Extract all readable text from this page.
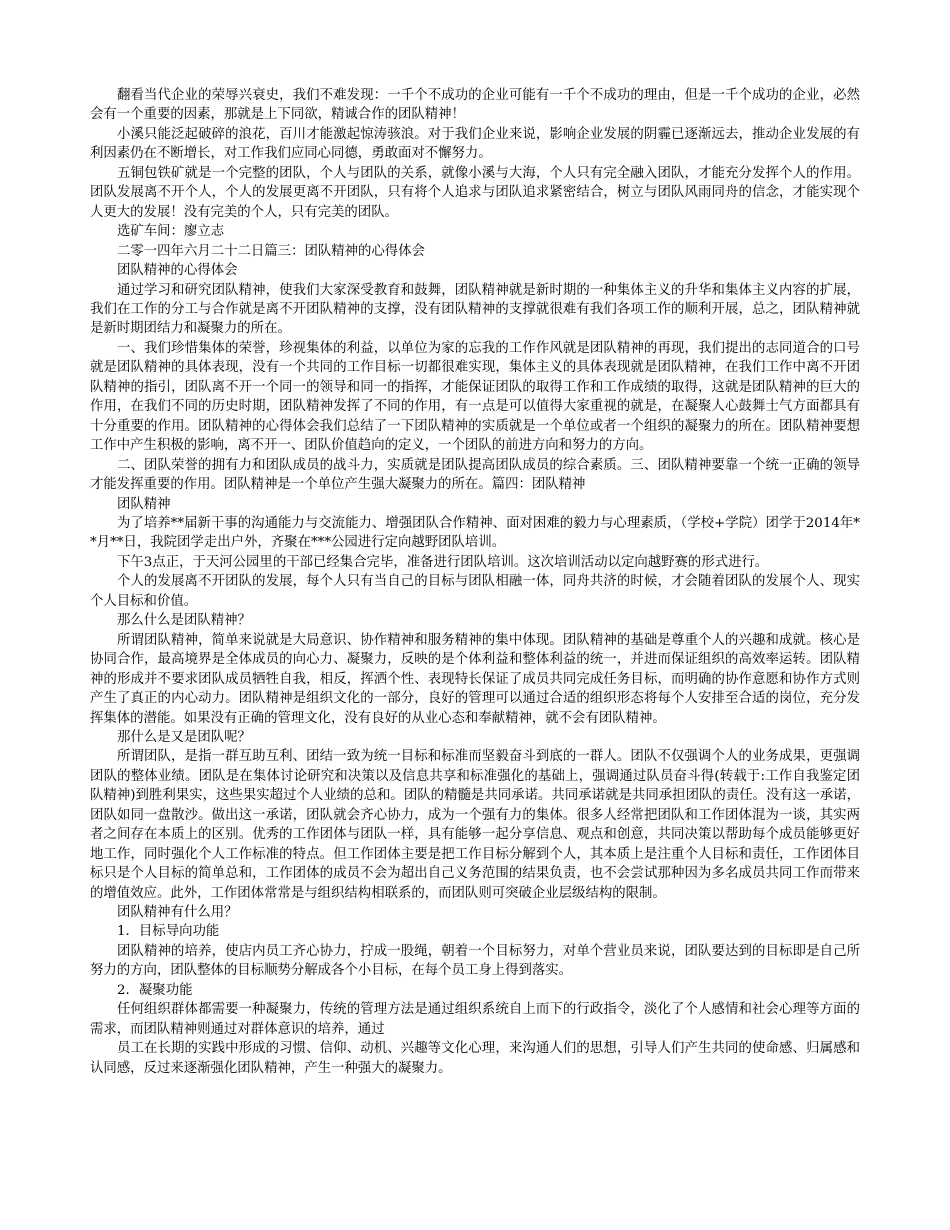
翻看当代企业的荣辱兴衰史，我们不难发现：一千个不成功的企业可能有一千个不成功的理由，但是一千个成功的企业，必然会有一个重要的因素，那就是上下同欲，精诚合作的团队精神！

小溪只能泛起破碎的浪花，百川才能激起惊涛骇浪。对于我们企业来说，影响企业发展的阴霾已逐渐远去，推动企业发展的有利因素仍在不断增长，对工作我们应同心同德，勇敢面对不懈努力。

五铜包铁矿就是一个完整的团队，个人与团队的关系，就像小溪与大海，个人只有完全融入团队，才能充分发挥个人的作用。团队发展离不开个人，个人的发展更离不开团队，只有将个人追求与团队追求紧密结合，树立与团队风雨同舟的信念，才能实现个人更大的发展！没有完美的个人，只有完美的团队。

选矿车间：廖立志

二零一四年六月二十二日篇三：团队精神的心得体会

团队精神的心得体会

通过学习和研究团队精神，使我们大家深受教育和鼓舞，团队精神就是新时期的一种集体主义的升华和集体主义内容的扩展，我们在工作的分工与合作就是离不开团队精神的支撑，没有团队精神的支撑就很难有我们各项工作的顺利开展，总之，团队精神就是新时期团结力和凝聚力的所在。

一、我们珍惜集体的荣誉，珍视集体的利益，以单位为家的忘我的工作作风就是团队精神的再现，我们提出的志同道合的口号就是团队精神的具体表现，没有一个共同的工作目标一切都很难实现，集体主义的具体表现就是团队精神，在我们工作中离不开团队精神的指引，团队离不开一个同一的领导和同一的指挥，才能保证团队的取得工作和工作成绩的取得，这就是团队精神的巨大的作用，在我们不同的历史时期，团队精神发挥了不同的作用，有一点是可以值得大家重视的就是，在凝聚人心鼓舞士气方面都具有十分重要的作用。团队精神的心得体会我们总结了一下团队精神的实质就是一个单位或者一个组织的凝聚力的所在。团队精神要想工作中产生积极的影响，离不开一、团队价值趋向的定义，一个团队的前进方向和努力的方向。

二、团队荣誉的拥有力和团队成员的战斗力，实质就是团队提高团队成员的综合素质。三、团队精神要靠一个统一正确的领导才能发挥重要的作用。团队精神是一个单位产生强大凝聚力的所在。篇四：团队精神

团队精神

为了培养**届新干事的沟通能力与交流能力、增强团队合作精神、面对困难的毅力与心理素质，（学校+学院）团学于2014年**月**日，我院团学走出户外，齐聚在***公园进行定向越野团队培训。

下午3点正，于天河公园里的干部已经集合完毕，准备进行团队培训。这次培训活动以定向越野赛的形式进行。

个人的发展离不开团队的发展，每个人只有当自己的目标与团队相融一体，同舟共济的时候，才会随着团队的发展个人、现实个人目标和价值。

那么什么是团队精神？

所谓团队精神，简单来说就是大局意识、协作精神和服务精神的集中体现。团队精神的基础是尊重个人的兴趣和成就。核心是协同合作，最高境界是全体成员的向心力、凝聚力，反映的是个体利益和整体利益的统一，并进而保证组织的高效率运转。团队精神的形成并不要求团队成员牺牲自我，相反，挥洒个性、表现特长保证了成员共同完成任务目标，而明确的协作意愿和协作方式则产生了真正的内心动力。团队精神是组织文化的一部分，良好的管理可以通过合适的组织形态将每个人安排至合适的岗位，充分发挥集体的潜能。如果没有正确的管理文化，没有良好的从业心态和奉献精神，就不会有团队精神。

那什么是又是团队呢？

所谓团队，是指一群互助互利、团结一致为统一目标和标准而坚毅奋斗到底的一群人。团队不仅强调个人的业务成果，更强调团队的整体业绩。团队是在集体讨论研究和决策以及信息共享和标准强化的基础上，强调通过队员奋斗得(转载于:工作自我鉴定团队精神)到胜利果实，这些果实超过个人业绩的总和。团队的精髓是共同承诺。共同承诺就是共同承担团队的责任。没有这一承诺，团队如同一盘散沙。做出这一承诺，团队就会齐心协力，成为一个强有力的集体。很多人经常把团队和工作团体混为一谈，其实两者之间存在本质上的区别。优秀的工作团体与团队一样，具有能够一起分享信息、观点和创意，共同决策以帮助每个成员能够更好地工作，同时强化个人工作标准的特点。但工作团体主要是把工作目标分解到个人，其本质上是注重个人目标和责任，工作团体目标只是个人目标的简单总和，工作团体的成员不会为超出自己义务范围的结果负责，也不会尝试那种因为多名成员共同工作而带来的增值效应。此外，工作团体常常是与组织结构相联系的，而团队则可突破企业层级结构的限制。

团队精神有什么用？

1．目标导向功能

团队精神的培养，使店内员工齐心协力，拧成一股绳，朝着一个目标努力，对单个营业员来说，团队要达到的目标即是自己所努力的方向，团队整体的目标顺势分解成各个小目标，在每个员工身上得到落实。

2．凝聚功能

任何组织群体都需要一种凝聚力，传统的管理方法是通过组织系统自上而下的行政指令，淡化了个人感情和社会心理等方面的需求，而团队精神则通过对群体意识的培养，通过

员工在长期的实践中形成的习惯、信仰、动机、兴趣等文化心理，来沟通人们的思想，引导人们产生共同的使命感、归属感和认同感，反过来逐渐强化团队精神，产生一种强大的凝聚力。
